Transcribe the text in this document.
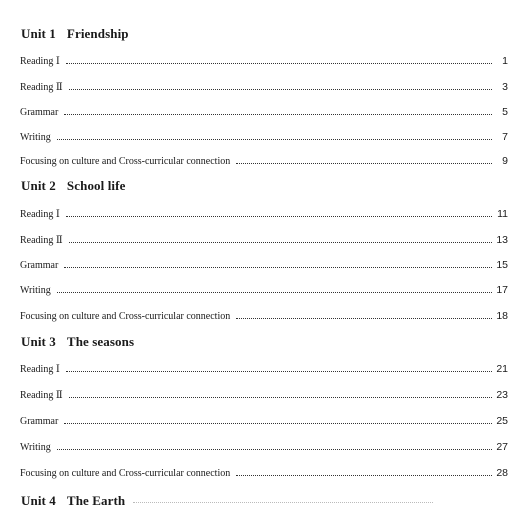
Unit 1 Friendship
Reading Ⅰ	1
Reading Ⅱ	3
Grammar	5
Writing	7
Focusing on culture and Cross-curricular connection	9
Unit 2 School life
Reading Ⅰ	11
Reading Ⅱ	13
Grammar	15
Writing	17
Focusing on culture and Cross-curricular connection	18
Unit 3 The seasons
Reading Ⅰ	21
Reading Ⅱ	23
Grammar	25
Writing	27
Focusing on culture and Cross-curricular connection	28
Unit 4 The Earth
